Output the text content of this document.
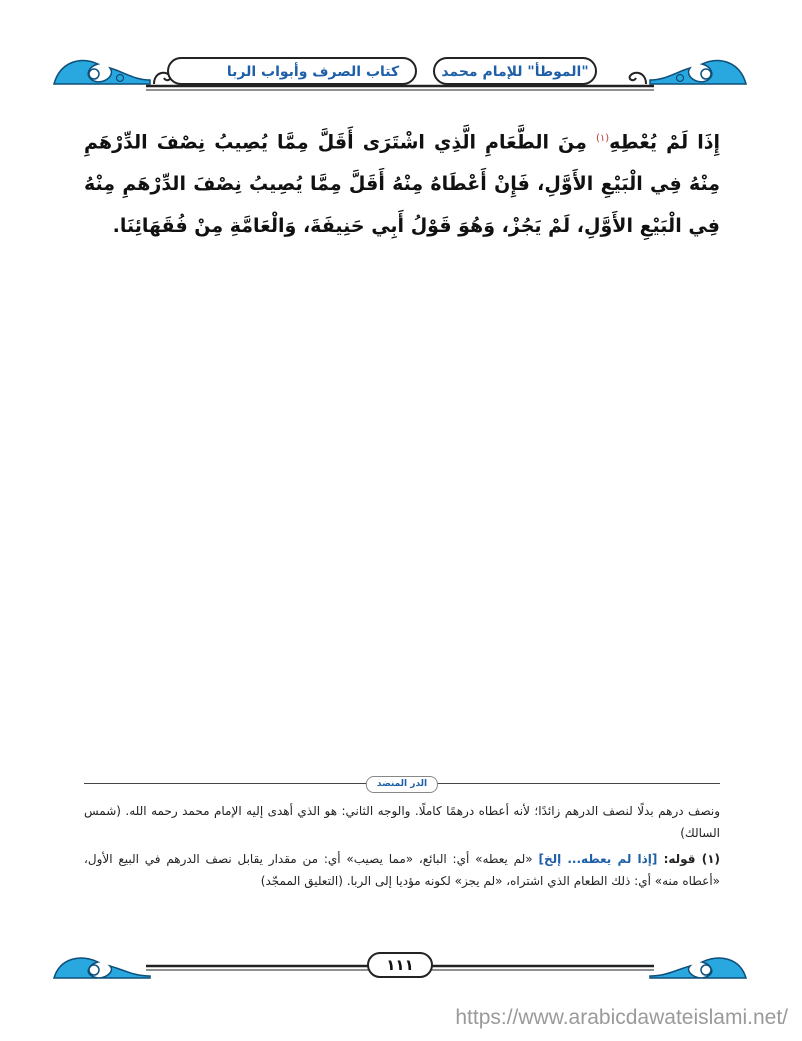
"الموطأ" للإمام محمد
كتاب الصرف وأبواب الربا
إِذَا لَمْ يُعْطِهِ$^{(١)}$ مِنَ الطَّعَامِ الَّذِي اشْتَرَى أَقَلَّ مِمَّا يُصِيبُ نِصْفَ الدِّرْهَمِ مِنْهُ فِي الْبَيْعِ الأَوَّلِ، فَإِنْ أَعْطَاهُ مِنْهُ أَقَلَّ مِمَّا يُصِيبُ نِصْفَ الدِّرْهَمِ مِنْهُ فِي الْبَيْعِ الأَوَّلِ، لَمْ يَجُزْ، وَهُوَ قَوْلُ أَبِي حَنِيفَةَ، وَالْعَامَّةِ مِنْ فُقَهَائِنَا.
الدر المنضد

ونصف درهم بدلًا لنصف الدرهم زائدًا؛ لأنه أعطاه درهمًا كاملًا. والوجه الثاني: هو الذي أهدى إليه الإمام محمد رحمه الله. (شمس السالك)

(١) قوله: [إذا لم يعطه... إلخ] «لم يعطه» أي: البائع، «مما يصيب» أي: من مقدار يقابل نصف الدرهم في البيع الأول، «أعطاه منه» أي: ذلك الطعام الذي اشتراه، «لم يجز» لكونه مؤديا إلى الربا. (التعليق الممجّد)

١١١
https://www.arabicdawateislami.net/
